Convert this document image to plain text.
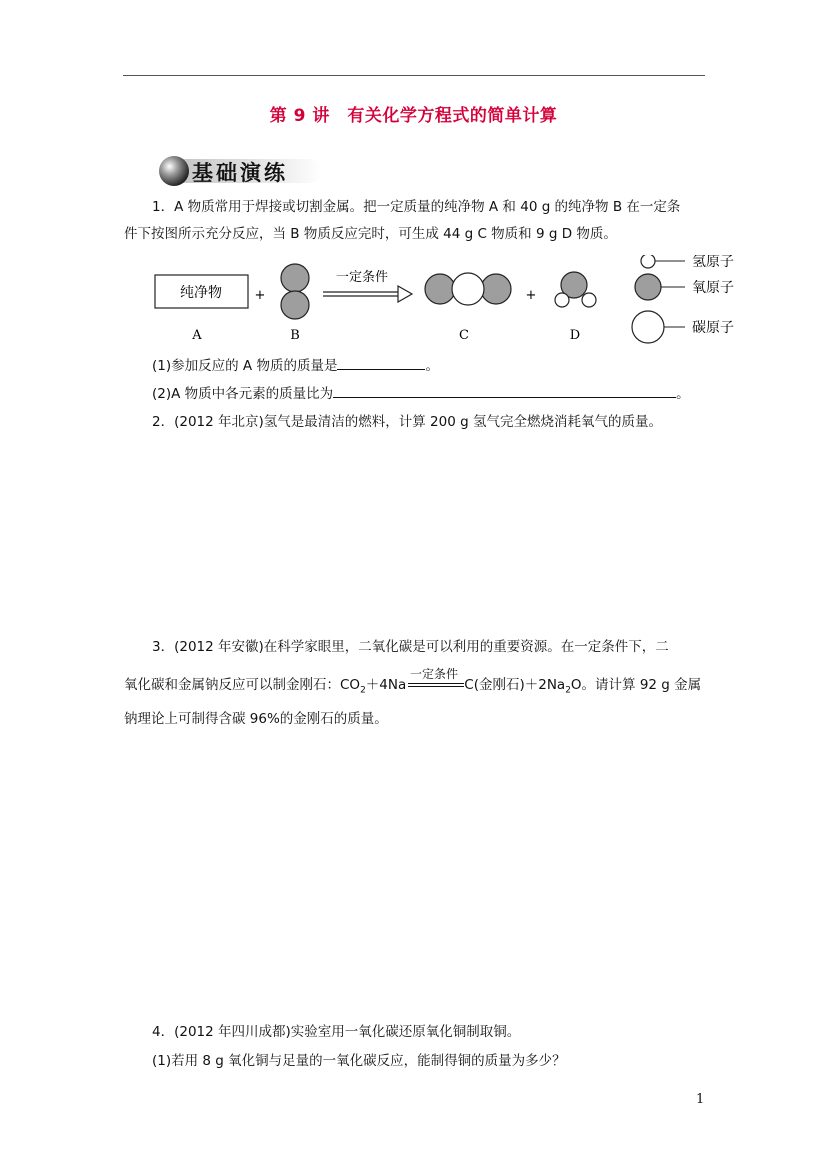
第 9 讲　有关化学方程式的简单计算
基础演练
1．A 物质常用于焊接或切割金属。把一定质量的纯净物 A 和 40 g 的纯净物 B 在一定条
件下按图所示充分反应，当 B 物质反应完时，可生成 44 g C 物质和 9 g D 物质。
纯净物	+
一定条件
+
A	B	C	D
氢原子
氧原子
碳原子
(1)参加反应的 A 物质的质量是	。
(2)A 物质中各元素的质量比为	。
2．(2012 年北京)氢气是最清洁的燃料，计算 200 g 氢气完全燃烧消耗氧气的质量。
3．(2012 年安徽)在科学家眼里，二氧化碳是可以利用的重要资源。在一定条件下，二
氧化碳和金属钠反应可以制金刚石：$CO_2+4Na$	C(金刚石)$+2Na_2O$。请计算 92 g 金属
一定条件
钠理论上可制得含碳 96%的金刚石的质量。
4．(2012 年四川成都)实验室用一氧化碳还原氧化铜制取铜。
(1)若用 8 g 氧化铜与足量的一氧化碳反应，能制得铜的质量为多少？
1
